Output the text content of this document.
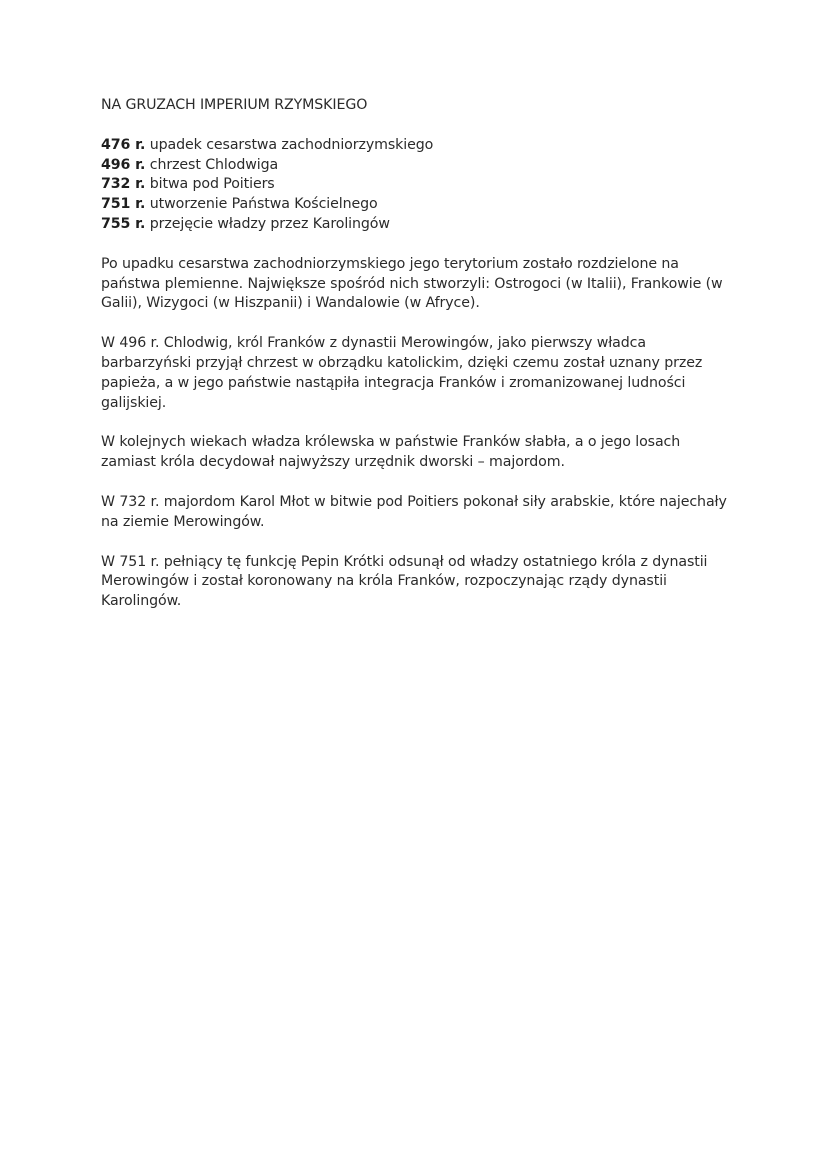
NA GRUZACH IMPERIUM RZYMSKIEGO
476 r. upadek cesarstwa zachodniorzymskiego
496 r. chrzest Chlodwiga
732 r. bitwa pod Poitiers
751 r. utworzenie Państwa Kościelnego
755 r. przejęcie władzy przez Karolingów

Po upadku cesarstwa zachodniorzymskiego jego terytorium zostało rozdzielone na państwa plemienne. Największe spośród nich stworzyli: Ostrogoci (w Italii), Frankowie (w Galii), Wizygoci (w Hiszpanii) i Wandalowie (w Afryce).

W 496 r. Chlodwig, król Franków z dynastii Merowingów, jako pierwszy władca barbarzyński przyjął chrzest w obrządku katolickim, dzięki czemu został uznany przez papieża, a w jego państwie nastąpiła integracja Franków i zromanizowanej ludności galijskiej.

W kolejnych wiekach władza królewska w państwie Franków słabła, a o jego losach zamiast króla decydował najwyższy urzędnik dworski – majordom.

W 732 r. majordom Karol Młot w bitwie pod Poitiers pokonał siły arabskie, które najechały na ziemie Merowingów.

W 751 r. pełniący tę funkcję Pepin Krótki odsunął od władzy ostatniego króla z dynastii Merowingów i został koronowany na króla Franków, rozpoczynając rządy dynastii Karolingów.
